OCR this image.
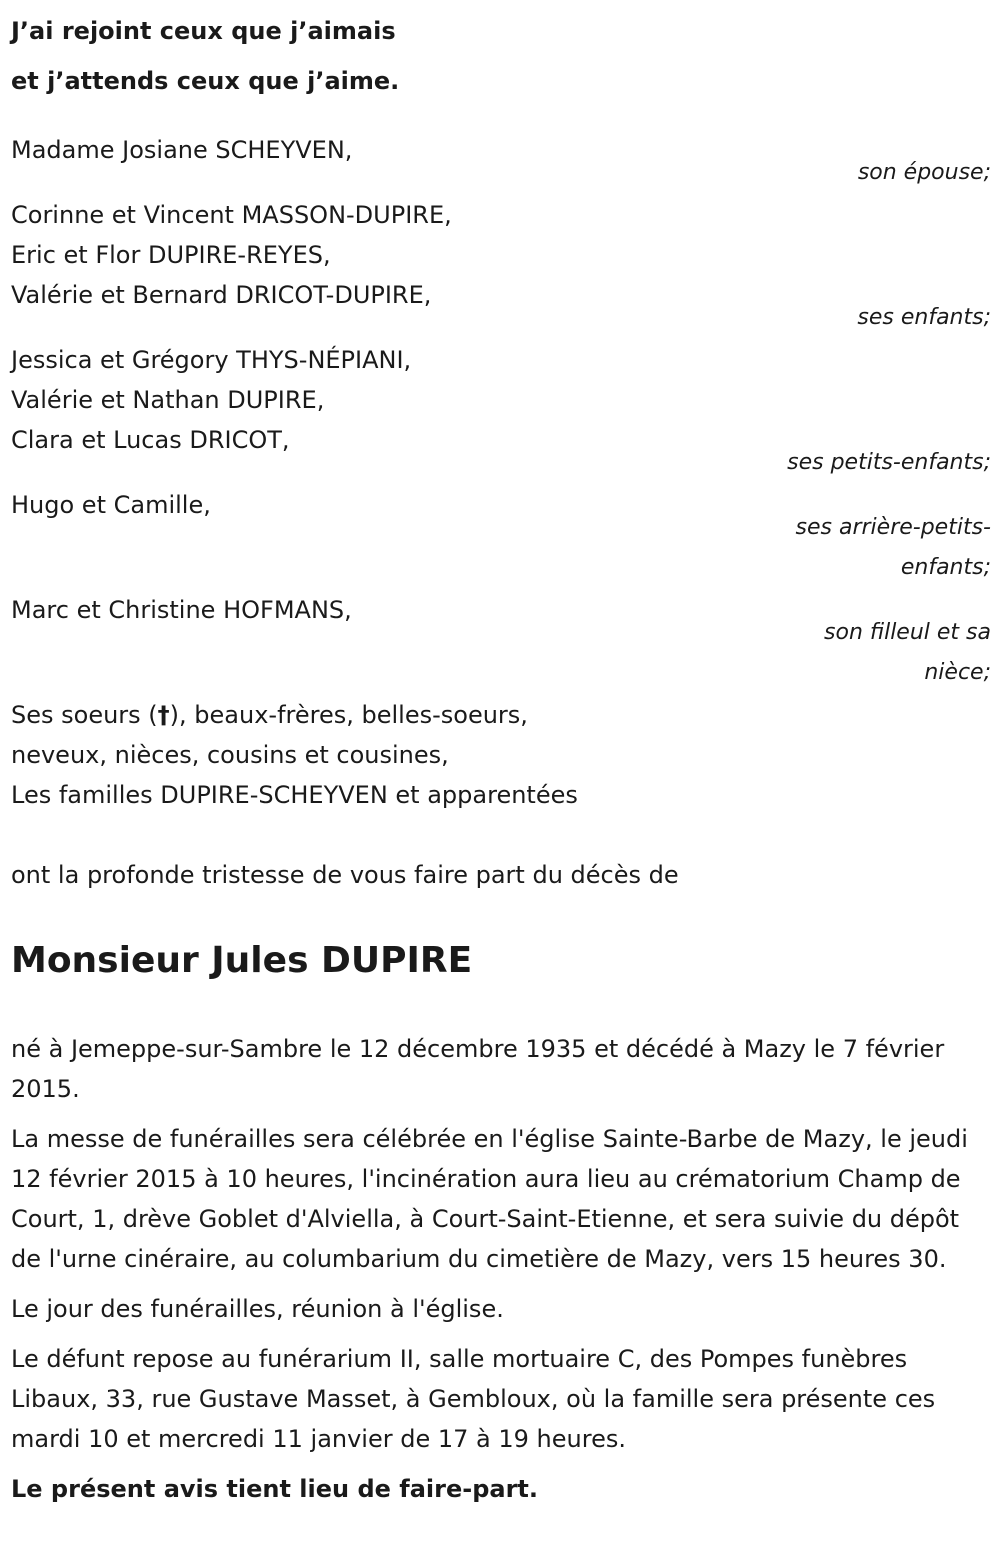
J’ai rejoint ceux que j’aimais
et j’attends ceux que j’aime.
Madame Josiane SCHEYVEN,
son épouse;
Corinne et Vincent MASSON-DUPIRE,
Eric et Flor DUPIRE-REYES,
Valérie et Bernard DRICOT-DUPIRE,
ses enfants;
Jessica et Grégory THYS-NÉPIANI,
Valérie et Nathan DUPIRE,
Clara et Lucas DRICOT,
ses petits-enfants;
Hugo et Camille,
ses arrière-petits-
enfants;
Marc et Christine HOFMANS,
son filleul et sa
nièce;
Ses soeurs (†), beaux-frères, belles-soeurs,
neveux, nièces, cousins et cousines,
Les familles DUPIRE-SCHEYVEN et apparentées
ont la profonde tristesse de vous faire part du décès de
Monsieur Jules DUPIRE

né à Jemeppe-sur-Sambre le 12 décembre 1935 et décédé à Mazy le 7 février 2015.

La messe de funérailles sera célébrée en l'église Sainte-Barbe de Mazy, le jeudi 12 février 2015 à 10 heures, l'incinération aura lieu au crématorium Champ de Court, 1, drève Goblet d'Alviella, à Court-Saint-Etienne, et sera suivie du dépôt de l'urne cinéraire, au columbarium du cimetière de Mazy, vers 15 heures 30.

Le jour des funérailles, réunion à l'église.

Le défunt repose au funérarium II, salle mortuaire C, des Pompes funèbres Libaux, 33, rue Gustave Masset, à Gembloux, où la famille sera présente ces mardi 10 et mercredi 11 janvier de 17 à 19 heures.

Le présent avis tient lieu de faire-part.
